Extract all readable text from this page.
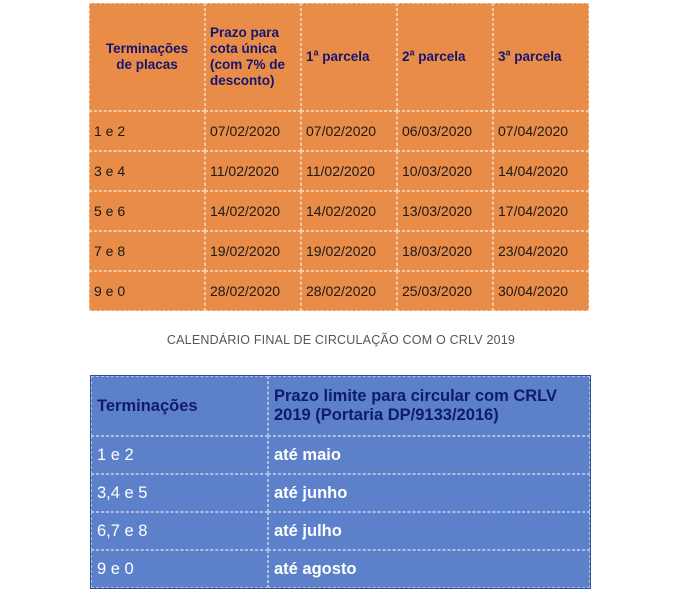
Terminações
de placas	Prazo para cota única (com 7% de desconto)	1$^a$ parcela	2$^a$ parcela	3$^a$ parcela
1 e 2	07/02/2020	07/02/2020	06/03/2020	07/04/2020
3 e 4	11/02/2020	11/02/2020	10/03/2020	14/04/2020
5 e 6	14/02/2020	14/02/2020	13/03/2020	17/04/2020
7 e 8	19/02/2020	19/02/2020	18/03/2020	23/04/2020
9 e 0	28/02/2020	28/02/2020	25/03/2020	30/04/2020
CALENDÁRIO FINAL DE CIRCULAÇÃO COM O CRLV 2019
Terminações	Prazo limite para circular com CRLV 2019 (Portaria DP/9133/2016)
1 e 2	até maio
3,4 e 5	até junho
6,7 e 8	até julho
9 e 0	até agosto
